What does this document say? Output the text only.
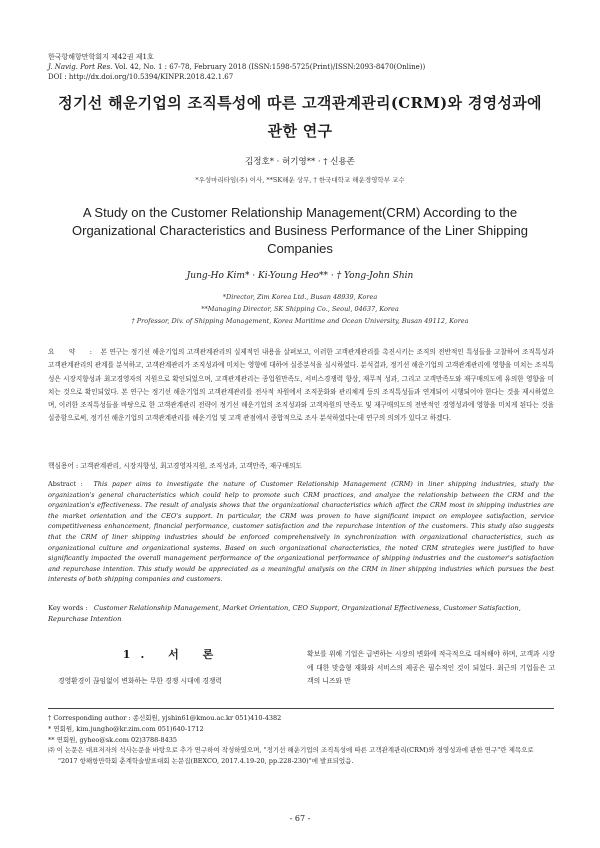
한국항해항만학회지 제42권 제1호
J. Navig. Port Res. Vol. 42, No. 1 : 67-78, February 2018 (ISSN:1598-5725(Print)/ISSN:2093-8470(Online))
DOI : http://dx.doi.org/10.5394/KINPR.2018.42.1.67
정기선 해운기업의 조직특성에 따른 고객관계관리(CRM)와 경영성과에
관한 연구
김정호* · 허기영** · † 신용존
*우성마리타임(주) 이사, **SK해운 상무, † 한국대학교 해운경영학부 교수
A Study on the Customer Relationship Management(CRM) According to the Organizational Characteristics and Business Performance of the Liner Shipping Companies
Jung-Ho Kim* · Ki-Young Heo** · † Yong-John Shin
*Director, Zim Korea Ltd., Busan 48939, Korea
**Managing Director, SK Shipping Co., Seoul, 04637, Korea
† Professor, Div. of Shipping Management, Korea Maritime and Ocean University, Busan 49112, Korea
요 약 : 본 연구는 정기선 해운기업의 고객관계관리의 실제적인 내용을 살펴보고, 이러한 고객관계관리를 촉진시키는 조직의 전반적인 특성들을 고찰하여 조직특성과 고객관계관리의 관계를 분석하고, 고객관계관리가 조직성과에 미치는 영향에 대하여 실증분석을 실시하였다. 분석결과, 정기선 해운기업의 고객관계관리에 영향을 미치는 조직특성은 시장지향성과 최고경영자의 지원으로 확인되었으며, 고객관계관리는 종업원만족도, 서비스경쟁력 향상, 재무적 성과, 그리고 고객만족도와 재구매의도에 유의한 영향을 미치는 것으로 확인되었다. 본 연구는 정기선 해운기업의 고객관계관리를 전사적 차원에서 조직문화와 관리체계 등의 조직특성들과 연계되어 시행되어야 한다는 것을 제시하였으며, 이러한 조직특성들을 바탕으로 한 고객관계관리 전략이 정기선 해운기업의 조직성과와 고객차원의 만족도 및 재구매의도의 전반적인 경영성과에 영향을 미치게 된다는 것을 실증함으로써, 정기선 해운기업의 고객관계관리를 해운기업 및 고객 관점에서 종합적으로 조사 분석하였다는데 연구의 의의가 있다고 하겠다.
핵심용어 : 고객관계관리, 시장지향성, 최고경영자지원, 조직성과, 고객만족, 재구매의도
Abstract : This paper aims to investigate the nature of Customer Relationship Management (CRM) in liner shipping industries, study the organization's general characteristics which could help to promote such CRM practices, and analyze the relationship between the CRM and the organization's effectiveness. The result of analysis shows that the organizational characteristics which affect the CRM most in shipping industries are the market orientation and the CEO's support. In particular, the CRM was proven to have significant impact on employee satisfaction, service competitiveness enhancement, financial performance, customer satisfaction and the repurchase intention of the customers. This study also suggests that the CRM of liner shipping industries should be enforced comprehensively in synchronization with organizational characteristics, such as organizational culture and organizational systems. Based on such organizational characteristics, the noted CRM strategies were justified to have significantly impacted the overall management performance of the organizational performance of shipping industries and the customer's satisfaction and repurchase intention. This study would be appreciated as a meaningful analysis on the CRM in liner shipping industries which pursues the best interests of both shipping companies and customers.
Key words : Customer Relationship Management, Market Orientation, CEO Support, Organizational Effectiveness, Customer Satisfaction, Repurchase Intention
1. 서 론
경영환경이 끊임없이 변화하는 무한 경쟁 시대에 경쟁력
확보를 위해 기업은 급변하는 시장의 변화에 적극적으로 대처해야 하며, 고객과 시장에 대한 맞춤형 재화와 서비스의 제공은 필수적인 것이 되었다. 최근의 기업들은 고객의 니즈와 만
† Corresponding author : 종신회원, yjshin61@kmou.ac.kr 051)410-4382
* 연회원, kim.jungho@kr.zim.com 051)640-1712
** 연회원, gyheo@sk.com 02)3788-8435
㈜ 이 논문은 대표저자의 석사논문을 바탕으로 추가 연구하여 작성하였으며, "정기선 해운기업의 조직특성에 따른 고객관계관리(CRM)와 경영성과에 관한 연구"란 제목으로 "2017 항해항만학회 춘계학술발표대회 논문집(BEXCO, 2017.4.19-20, pp.228-230)"에 발표되었음.
- 67 -
